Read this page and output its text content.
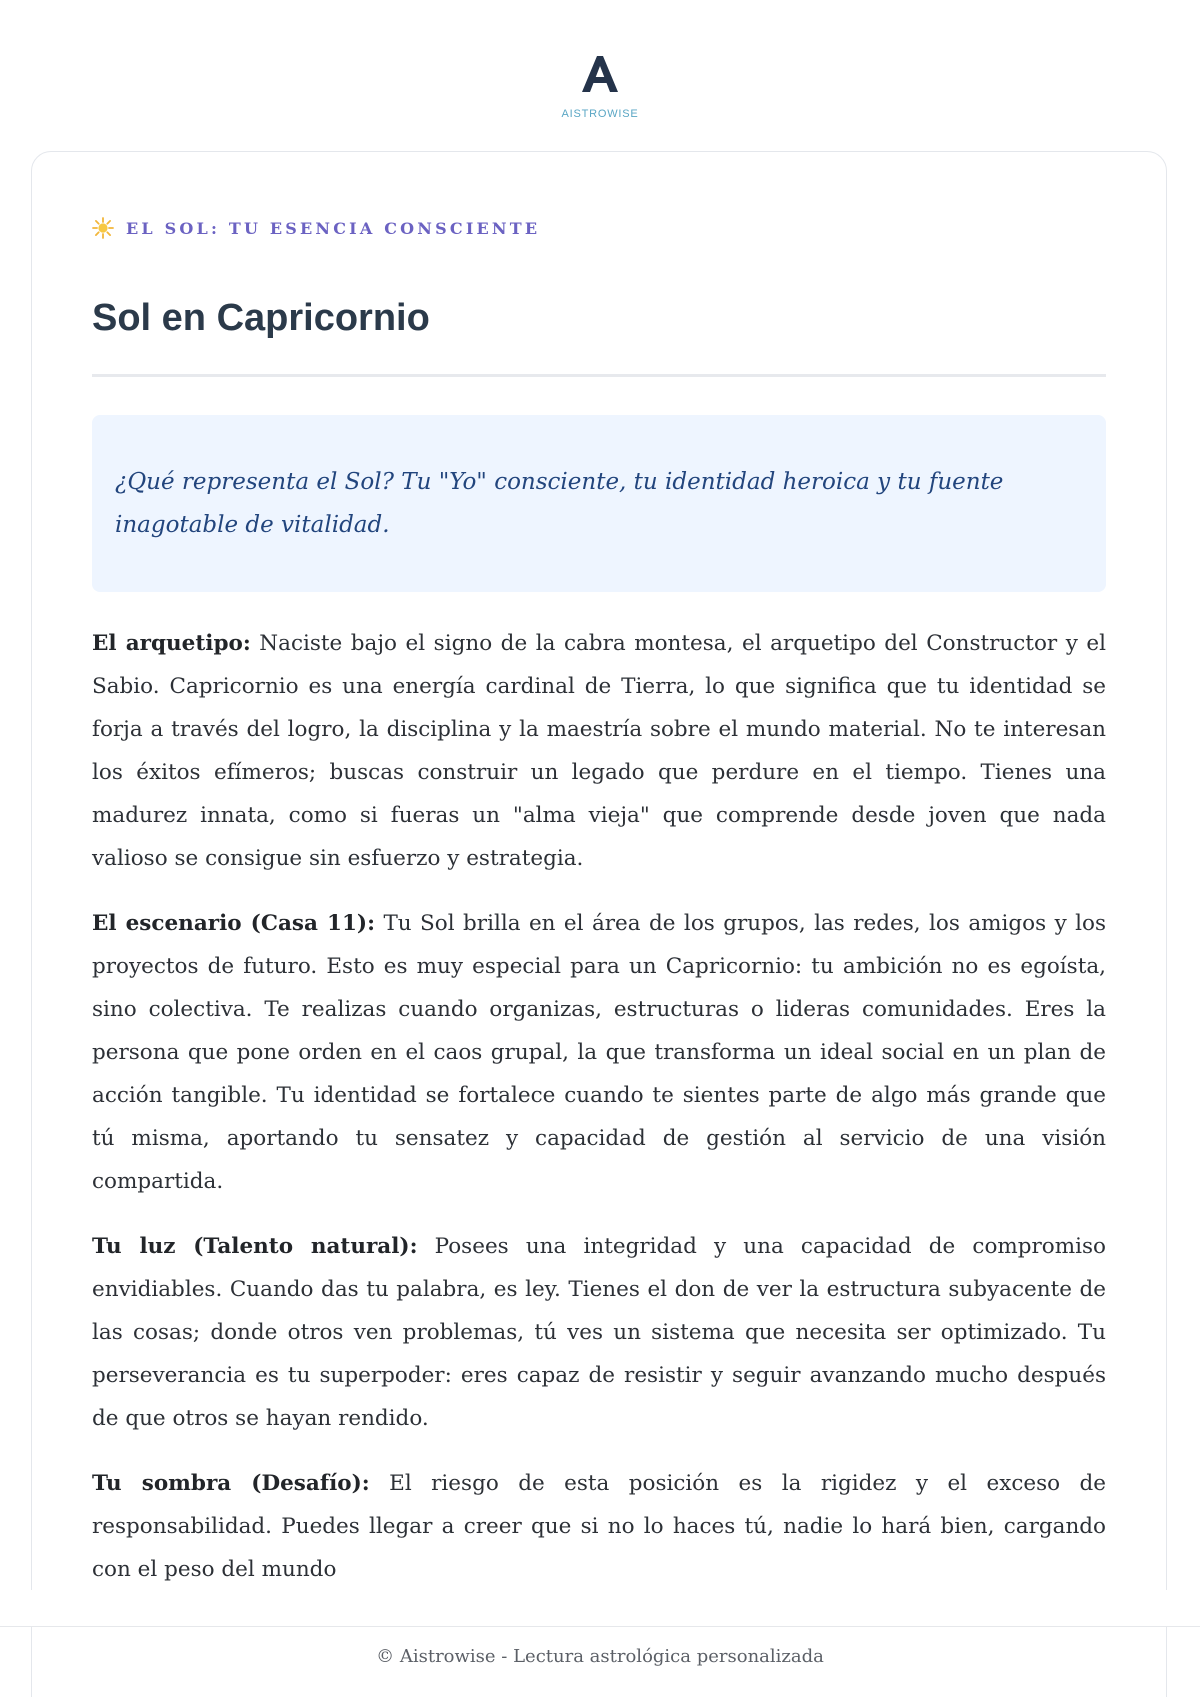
AISTROWISE
EL SOL: TU ESENCIA CONSCIENTE
Sol en Capricornio
¿Qué representa el Sol? Tu "Yo" consciente, tu identidad heroica y tu fuente inagotable de vitalidad.

El arquetipo: Naciste bajo el signo de la cabra montesa, el arquetipo del Constructor y el Sabio. Capricornio es una energía cardinal de Tierra, lo que significa que tu identidad se forja a través del logro, la disciplina y la maestría sobre el mundo material. No te interesan los éxitos efímeros; buscas construir un legado que perdure en el tiempo. Tienes una madurez innata, como si fueras un "alma vieja" que comprende desde joven que nada valioso se consigue sin esfuerzo y estrategia.

El escenario (Casa 11): Tu Sol brilla en el área de los grupos, las redes, los amigos y los proyectos de futuro. Esto es muy especial para un Capricornio: tu ambición no es egoísta, sino colectiva. Te realizas cuando organizas, estructuras o lideras comunidades. Eres la persona que pone orden en el caos grupal, la que transforma un ideal social en un plan de acción tangible. Tu identidad se fortalece cuando te sientes parte de algo más grande que tú misma, aportando tu sensatez y capacidad de gestión al servicio de una visión compartida.

Tu luz (Talento natural): Posees una integridad y una capacidad de compromiso envidiables. Cuando das tu palabra, es ley. Tienes el don de ver la estructura subyacente de las cosas; donde otros ven problemas, tú ves un sistema que necesita ser optimizado. Tu perseverancia es tu superpoder: eres capaz de resistir y seguir avanzando mucho después de que otros se hayan rendido.

Tu sombra (Desafío): El riesgo de esta posición es la rigidez y el exceso de responsabilidad. Puedes llegar a creer que si no lo haces tú, nadie lo hará bien, cargando con el peso del mundo

© Aistrowise - Lectura astrológica personalizada
